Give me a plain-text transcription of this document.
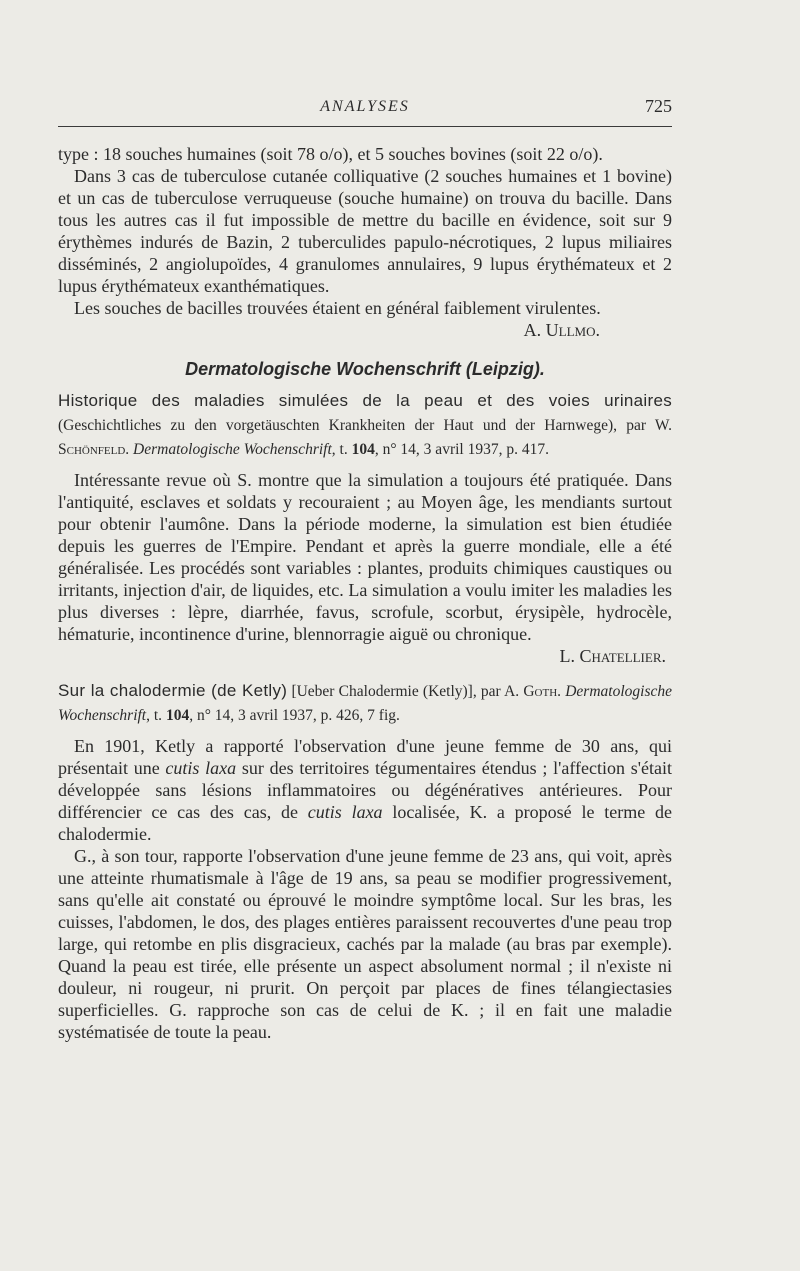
ANALYSES	725

type : 18 souches humaines (soit 78 o/o), et 5 souches bovines (soit 22 o/o).

Dans 3 cas de tuberculose cutanée colliquative (2 souches humaines et 1 bovine) et un cas de tuberculose verruqueuse (souche humaine) on trouva du bacille. Dans tous les autres cas il fut impossible de mettre du bacille en évidence, soit sur 9 érythèmes indurés de Bazin, 2 tuberculides papulo-nécrotiques, 2 lupus miliaires disséminés, 2 angiolupoïdes, 4 granulomes annulaires, 9 lupus érythémateux et 2 lupus érythémateux exanthématiques.

Les souches de bacilles trouvées étaient en général faiblement virulentes.

A. Ullmo.

Dermatologische Wochenschrift (Leipzig).

Historique des maladies simulées de la peau et des voies urinaires (Geschichtliches zu den vorgetäuschten Krankheiten der Haut und der Harnwege), par W. Schönfeld. Dermatologische Wochenschrift, t. 104, n° 14, 3 avril 1937, p. 417.

Intéressante revue où S. montre que la simulation a toujours été pratiquée. Dans l'antiquité, esclaves et soldats y recouraient ; au Moyen âge, les mendiants surtout pour obtenir l'aumône. Dans la période moderne, la simulation est bien étudiée depuis les guerres de l'Empire. Pendant et après la guerre mondiale, elle a été généralisée. Les procédés sont variables : plantes, produits chimiques caustiques ou irritants, injection d'air, de liquides, etc. La simulation a voulu imiter les maladies les plus diverses : lèpre, diarrhée, favus, scrofule, scorbut, érysipèle, hydrocèle, hématurie, incontinence d'urine, blennorragie aiguë ou chronique.

L. Chatellier.

Sur la chalodermie (de Ketly) [Ueber Chalodermie (Ketly)], par A. Goth. Dermatologische Wochenschrift, t. 104, n° 14, 3 avril 1937, p. 426, 7 fig.

En 1901, Ketly a rapporté l'observation d'une jeune femme de 30 ans, qui présentait une cutis laxa sur des territoires tégumentaires étendus ; l'affection s'était développée sans lésions inflammatoires ou dégénératives antérieures. Pour différencier ce cas des cas, de cutis laxa localisée, K. a proposé le terme de chalodermie.

G., à son tour, rapporte l'observation d'une jeune femme de 23 ans, qui voit, après une atteinte rhumatismale à l'âge de 19 ans, sa peau se modifier progressivement, sans qu'elle ait constaté ou éprouvé le moindre symptôme local. Sur les bras, les cuisses, l'abdomen, le dos, des plages entières paraissent recouvertes d'une peau trop large, qui retombe en plis disgracieux, cachés par la malade (au bras par exemple). Quand la peau est tirée, elle présente un aspect absolument normal ; il n'existe ni douleur, ni rougeur, ni prurit. On perçoit par places de fines télangiectasies superficielles. G. rapproche son cas de celui de K. ; il en fait une maladie systématisée de toute la peau.
